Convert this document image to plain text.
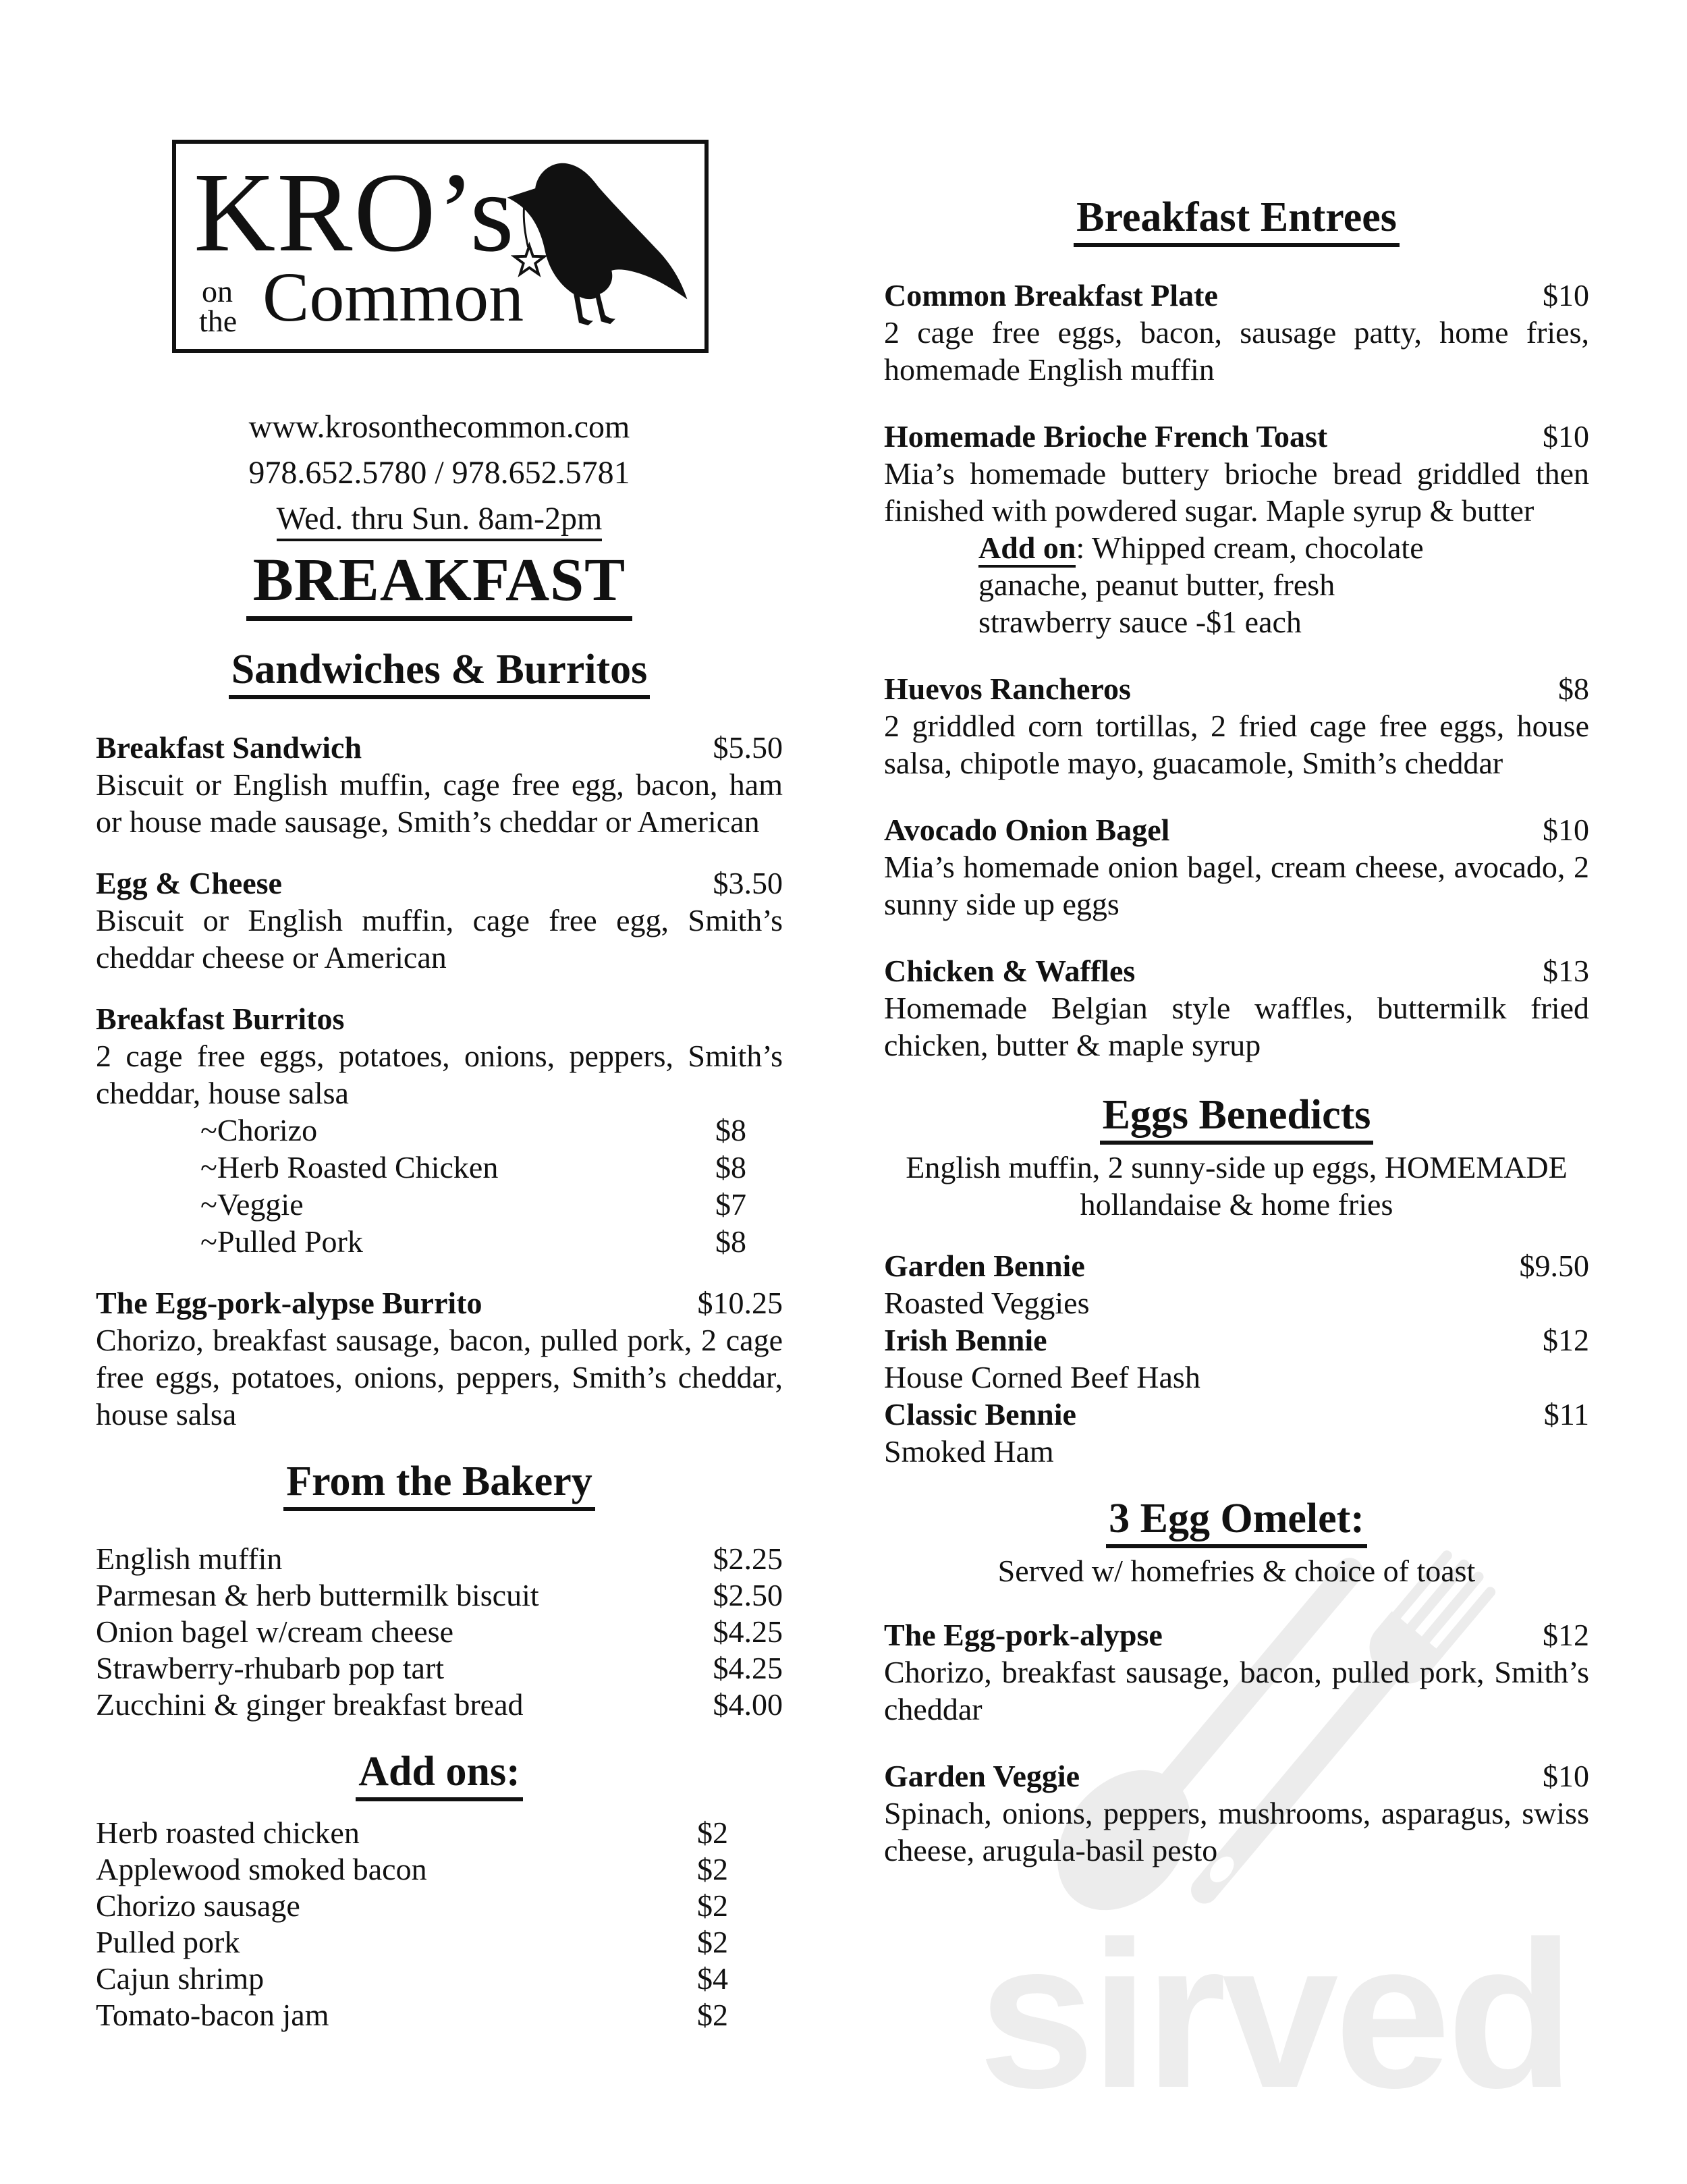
sirved
KRO’s
on
the Common
www.krosonthecommon.com
978.652.5780 / 978.652.5781
Wed. thru Sun. 8am-2pm
BREAKFAST
Sandwiches & Burritos
Breakfast Sandwich	$5.50

Biscuit or English muffin, cage free egg, bacon, ham or house made sausage, Smith’s cheddar or American

Egg & Cheese	$3.50

Biscuit or English muffin, cage free egg, Smith’s cheddar cheese or American

Breakfast Burritos

2 cage free eggs, potatoes, onions, peppers, Smith’s cheddar, house salsa

~Chorizo	$8
~Herb Roasted Chicken	$8
~Veggie	$7
~Pulled Pork	$8
The Egg-pork-alypse Burrito	$10.25

Chorizo, breakfast sausage, bacon, pulled pork, 2 cage free eggs, potatoes, onions, peppers, Smith’s cheddar, house salsa

From the Bakery
English muffin	$2.25
Parmesan & herb buttermilk biscuit	$2.50
Onion bagel w/cream cheese	$4.25
Strawberry-rhubarb pop tart	$4.25
Zucchini & ginger breakfast bread	$4.00
Add ons:
Herb roasted chicken	$2
Applewood smoked bacon	$2
Chorizo sausage	$2
Pulled pork	$2
Cajun shrimp	$4
Tomato-bacon jam	$2
Breakfast Entrees
Common Breakfast Plate	$10

2 cage free eggs, bacon, sausage patty, home fries, homemade English muffin

Homemade Brioche French Toast	$10

Mia’s homemade buttery brioche bread griddled then finished with powdered sugar. Maple syrup & butter

Add on: Whipped cream, chocolate ganache, peanut butter, fresh strawberry sauce -$1 each

Huevos Rancheros	$8

2 griddled corn tortillas, 2 fried cage free eggs, house salsa, chipotle mayo, guacamole, Smith’s cheddar

Avocado Onion Bagel	$10

Mia’s homemade onion bagel, cream cheese, avocado, 2 sunny side up eggs

Chicken & Waffles	$13

Homemade Belgian style waffles, buttermilk fried chicken, butter & maple syrup

Eggs Benedicts
English muffin, 2 sunny-side up eggs, HOMEMADE hollandaise & home fries
Garden Bennie	$9.50

Roasted Veggies

Irish Bennie	$12

House Corned Beef Hash

Classic Bennie	$11

Smoked Ham

3 Egg Omelet:
Served w/ homefries & choice of toast
The Egg-pork-alypse	$12

Chorizo, breakfast sausage, bacon, pulled pork, Smith’s cheddar

Garden Veggie	$10

Spinach, onions, peppers, mushrooms, asparagus, swiss cheese, arugula-basil pesto
